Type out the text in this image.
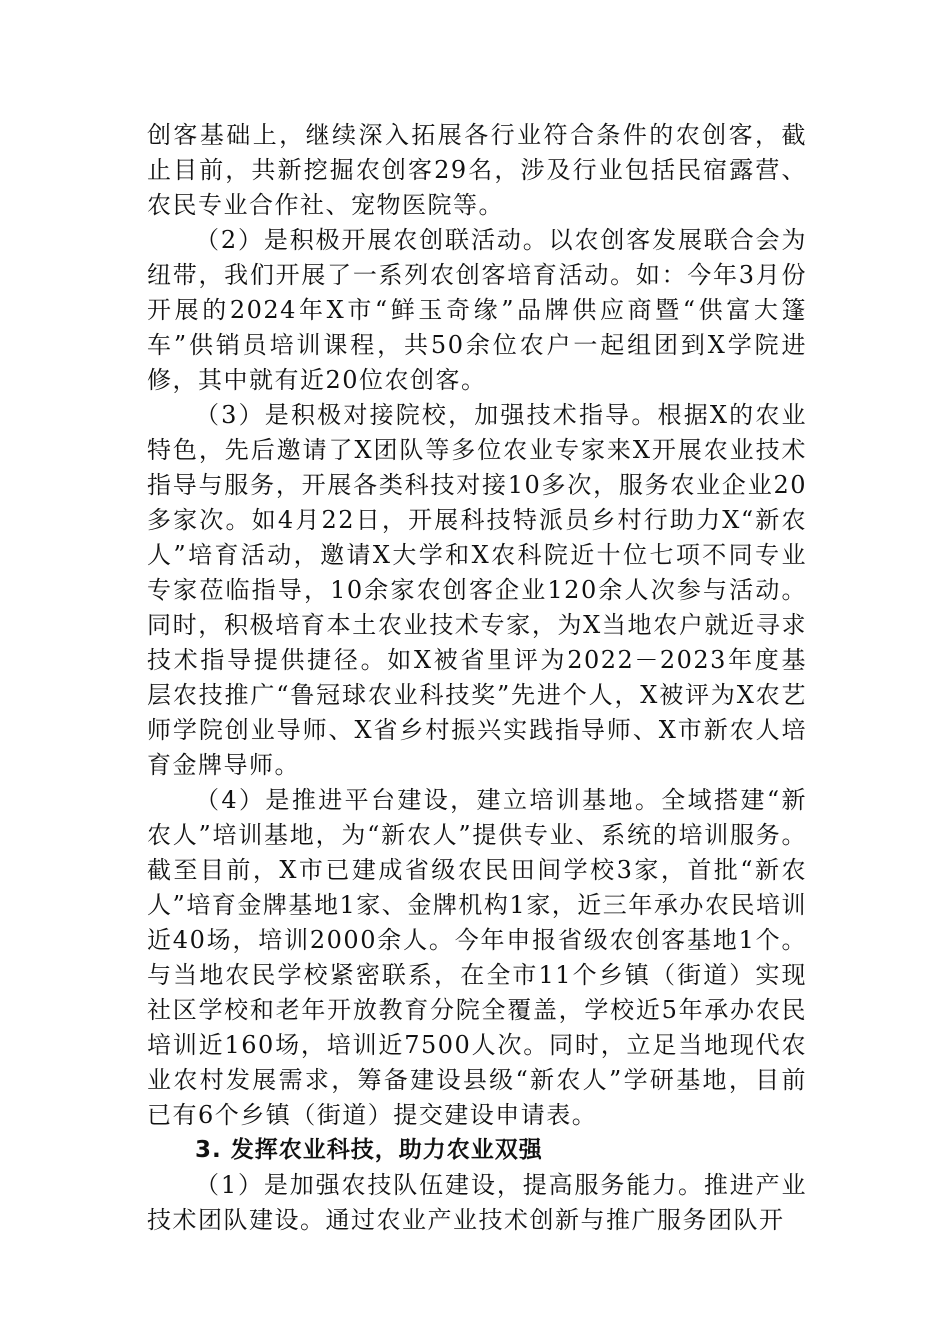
创客基础上，继续深入拓展各行业符合条件的农创客，截止目前，共新挖掘农创客29名，涉及行业包括民宿露营、农民专业合作社、宠物医院等。

（2）是积极开展农创联活动。以农创客发展联合会为纽带，我们开展了一系列农创客培育活动。如：今年3月份开展的2024年X市“鲜玉奇缘”品牌供应商暨“供富大篷车”供销员培训课程，共50余位农户一起组团到X学院进修，其中就有近20位农创客。

（3）是积极对接院校，加强技术指导。根据X的农业特色，先后邀请了X团队等多位农业专家来X开展农业技术指导与服务，开展各类科技对接10多次，服务农业企业20多家次。如4月22日，开展科技特派员乡村行助力X“新农人”培育活动，邀请X大学和X农科院近十位七项不同专业专家莅临指导，10余家农创客企业120余人次参与活动。同时，积极培育本土农业技术专家，为X当地农户就近寻求技术指导提供捷径。如X被省里评为2022－2023年度基层农技推广“鲁冠球农业科技奖”先进个人，X被评为X农艺师学院创业导师、X省乡村振兴实践指导师、X市新农人培育金牌导师。

（4）是推进平台建设，建立培训基地。全域搭建“新农人”培训基地，为“新农人”提供专业、系统的培训服务。截至目前，X市已建成省级农民田间学校3家，首批“新农人”培育金牌基地1家、金牌机构1家，近三年承办农民培训近40场，培训2000余人。今年申报省级农创客基地1个。与当地农民学校紧密联系，在全市11个乡镇（街道）实现社区学校和老年开放教育分院全覆盖，学校近5年承办农民培训近160场，培训近7500人次。同时，立足当地现代农业农村发展需求，筹备建设县级“新农人”学研基地，目前已有6个乡镇（街道）提交建设申请表。

3. 发挥农业科技，助力农业双强

（1）是加强农技队伍建设，提高服务能力。推进产业技术团队建设。通过农业产业技术创新与推广服务团队开
